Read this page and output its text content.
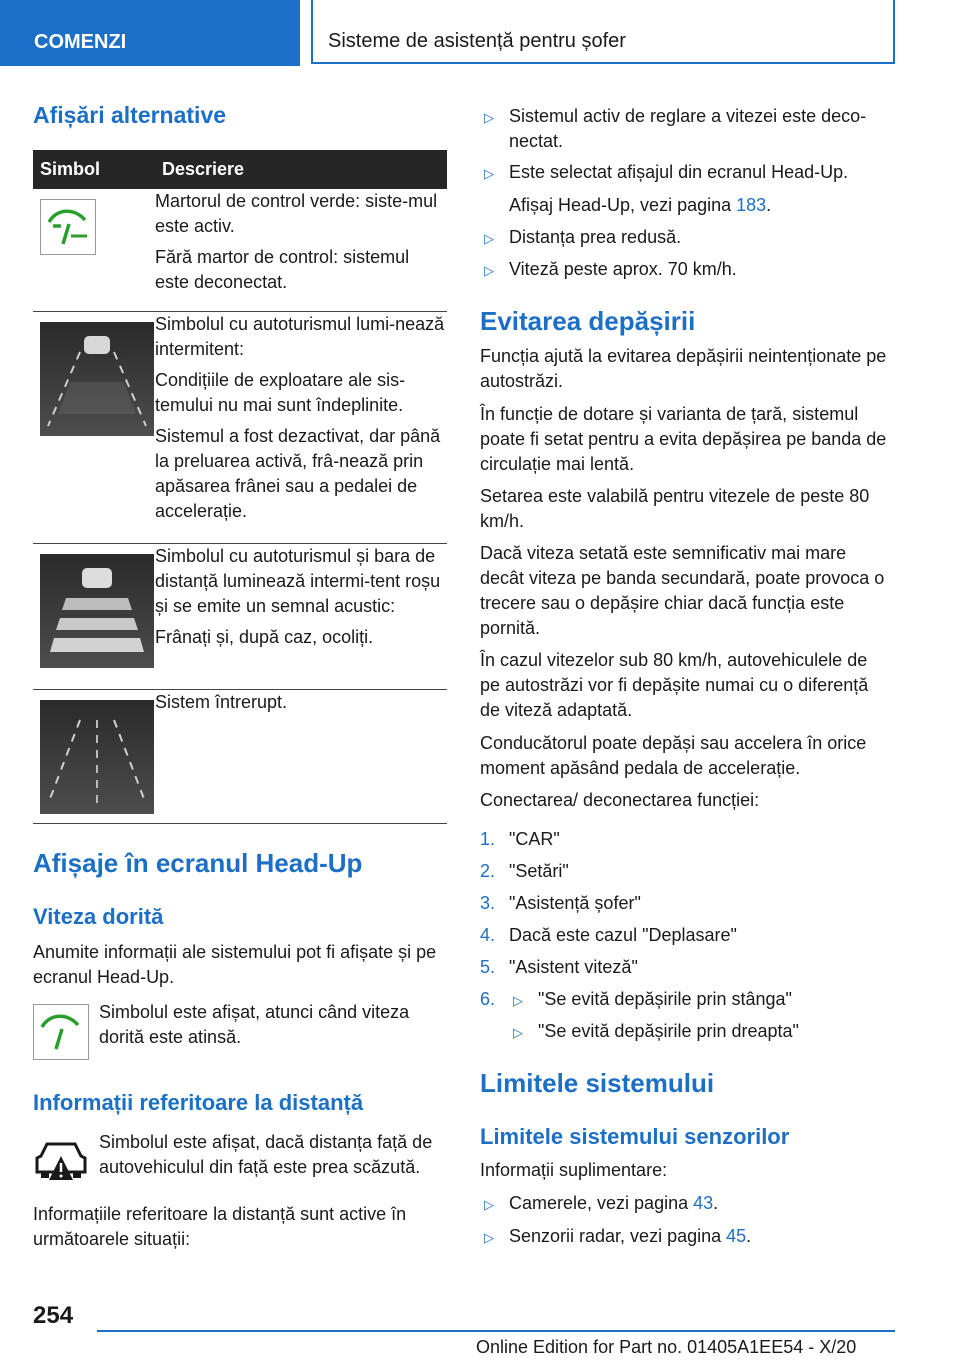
COMENZI	Sisteme de asistență pentru șofer
Afișări alternative
Simbol	Descriere

Martorul de control verde: siste-mul este activ.

Fără martor de control: sistemul este deconectat.

Simbolul cu autoturismul lumi-nează intermitent:

Condițiile de exploatare ale sis-temului nu mai sunt îndeplinite.

Sistemul a fost dezactivat, dar până la preluarea activă, frâ-nează prin apăsarea frânei sau a pedalei de accelerație.

Simbolul cu autoturismul și bara de distanță luminează intermi-tent roșu și se emite un semnal acustic:

Frânați și, după caz, ocoliți.

Sistem întrerupt.

Afișaje în ecranul Head-Up
Viteza dorită
Anumite informații ale sistemului pot fi afișate și pe ecranul Head-Up.
Simbolul este afișat, atunci când viteza dorită este atinsă.
Informații referitoare la distanță
Simbolul este afișat, dacă distanța față de autovehiculul din față este prea scăzută.
Informațiile referitoare la distanță sunt active în următoarele situații:
▷ Sistemul activ de reglare a vitezei este deco-nectat.
▷ Este selectat afișajul din ecranul Head-Up.
Afișaj Head-Up, vezi pagina 183.
▷ Distanța prea redusă.
▷ Viteză peste aprox. 70 km/h.
Evitarea depășirii
Funcția ajută la evitarea depășirii neintenționate pe autostrăzi.
În funcție de dotare și varianta de țară, sistemul poate fi setat pentru a evita depășirea pe banda de circulație mai lentă.
Setarea este valabilă pentru vitezele de peste 80 km/h.
Dacă viteza setată este semnificativ mai mare decât viteza pe banda secundară, poate provoca o trecere sau o depășire chiar dacă funcția este pornită.
În cazul vitezelor sub 80 km/h, autovehiculele de pe autostrăzi vor fi depășite numai cu o diferență de viteză adaptată.
Conducătorul poate depăși sau accelera în orice moment apăsând pedala de accelerație.
Conectarea/ deconectarea funcției:
1. "CAR"
2. "Setări"
3. "Asistență șofer"
4. Dacă este cazul "Deplasare"
5. "Asistent viteză"
6. ▷ "Se evită depășirile prin stânga"
▷ "Se evită depășirile prin dreapta"
Limitele sistemului
Limitele sistemului senzorilor
Informații suplimentare:
▷ Camerele, vezi pagina 43.
▷ Senzorii radar, vezi pagina 45.
254
Online Edition for Part no. 01405A1EE54 - X/20
